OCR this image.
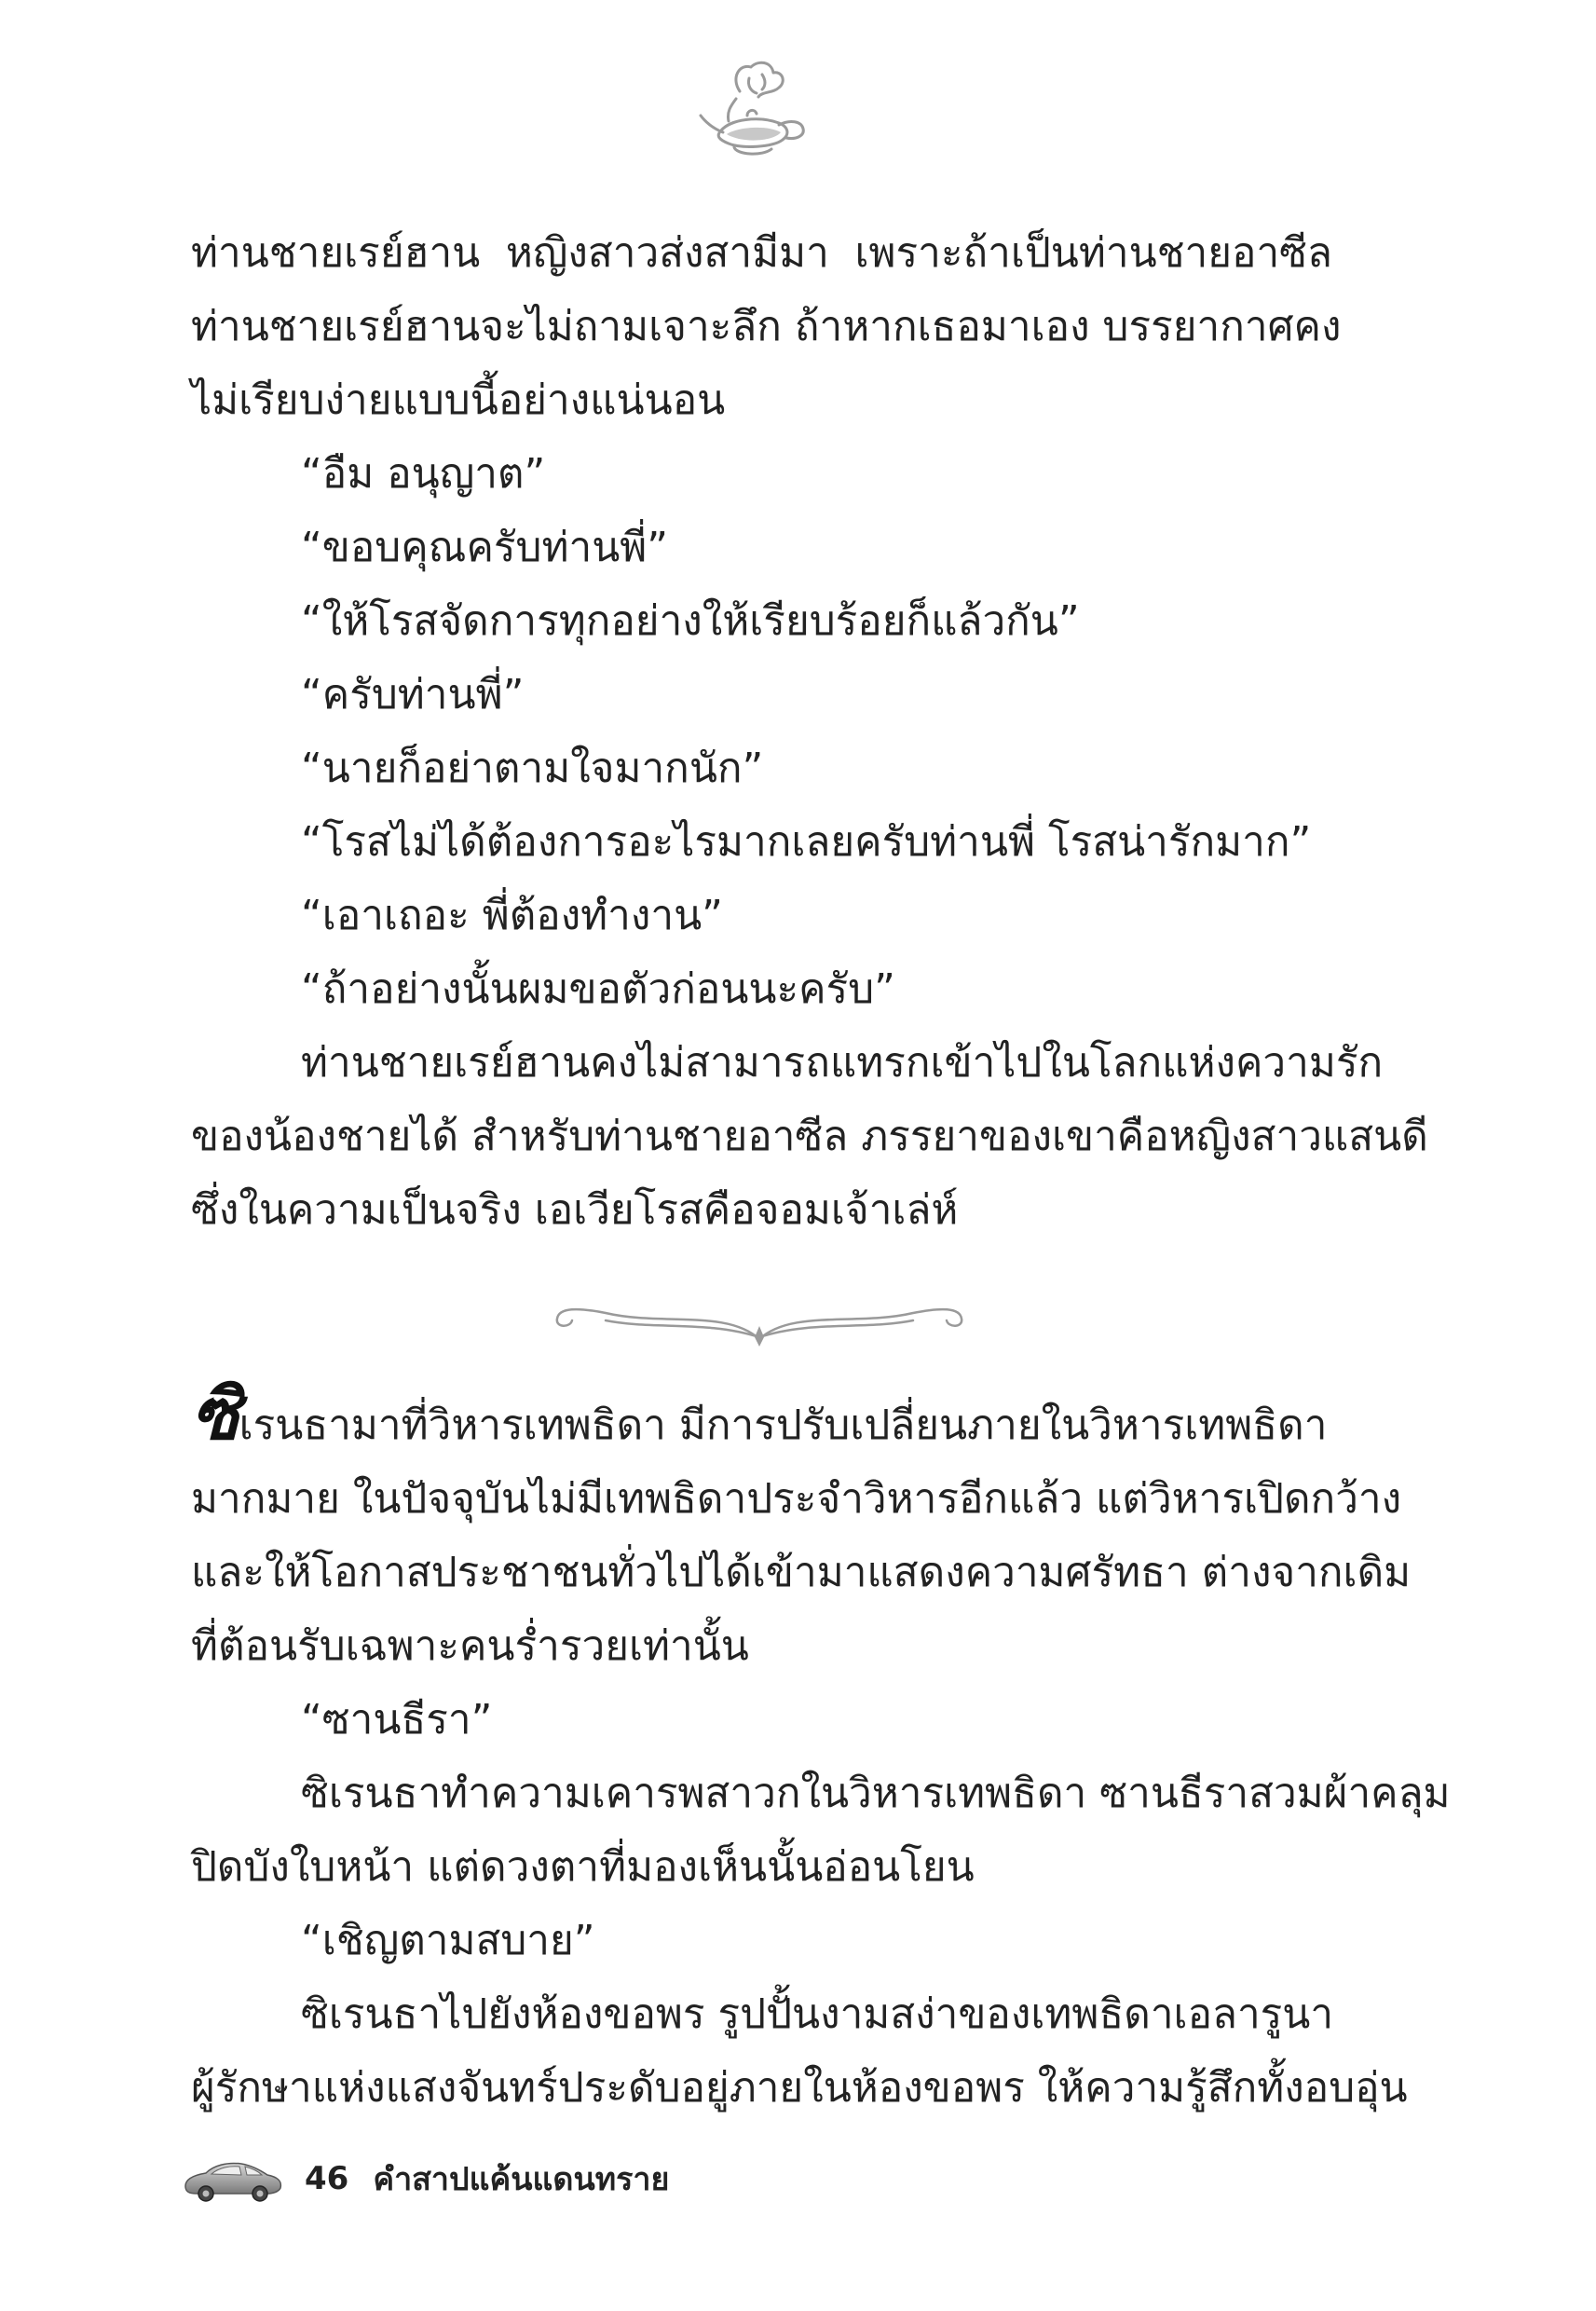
ท่านชายเรย์ฮาน หญิงสาวส่งสามีมา เพราะถ้าเป็นท่านชายอาซีล

ท่านชายเรย์ฮานจะไม่ถามเจาะลึก ถ้าหากเธอมาเอง บรรยากาศคง

ไม่เรียบง่ายแบบนี้อย่างแน่นอน

“อืม อนุญาต”

“ขอบคุณครับท่านพี่”

“ให้โรสจัดการทุกอย่างให้เรียบร้อยก็แล้วกัน”

“ครับท่านพี่”

“นายก็อย่าตามใจมากนัก”

“โรสไม่ได้ต้องการอะไรมากเลยครับท่านพี่ โรสน่ารักมาก”

“เอาเถอะ พี่ต้องทำงาน”

“ถ้าอย่างนั้นผมขอตัวก่อนนะครับ”

ท่านชายเรย์ฮานคงไม่สามารถแทรกเข้าไปในโลกแห่งความรัก

ของน้องชายได้ สำหรับท่านชายอาซีล ภรรยาของเขาคือหญิงสาวแสนดี

ซึ่งในความเป็นจริง เอเวียโรสคือจอมเจ้าเล่ห์

ซิเรนธามาที่วิหารเทพธิดา มีการปรับเปลี่ยนภายในวิหารเทพธิดา

มากมาย ในปัจจุบันไม่มีเทพธิดาประจำวิหารอีกแล้ว แต่วิหารเปิดกว้าง

และให้โอกาสประชาชนทั่วไปได้เข้ามาแสดงความศรัทธา ต่างจากเดิม

ที่ต้อนรับเฉพาะคนร่ำรวยเท่านั้น

“ซานธีรา”

ซิเรนธาทำความเคารพสาวกในวิหารเทพธิดา ซานธีราสวมผ้าคลุม

ปิดบังใบหน้า แต่ดวงตาที่มองเห็นนั้นอ่อนโยน

“เชิญตามสบาย”

ซิเรนธาไปยังห้องขอพร รูปปั้นงามสง่าของเทพธิดาเอลารูนา

ผู้รักษาแห่งแสงจันทร์ประดับอยู่ภายในห้องขอพร ให้ความรู้สึกทั้งอบอุ่น

46 คำสาปแค้นแดนทราย
